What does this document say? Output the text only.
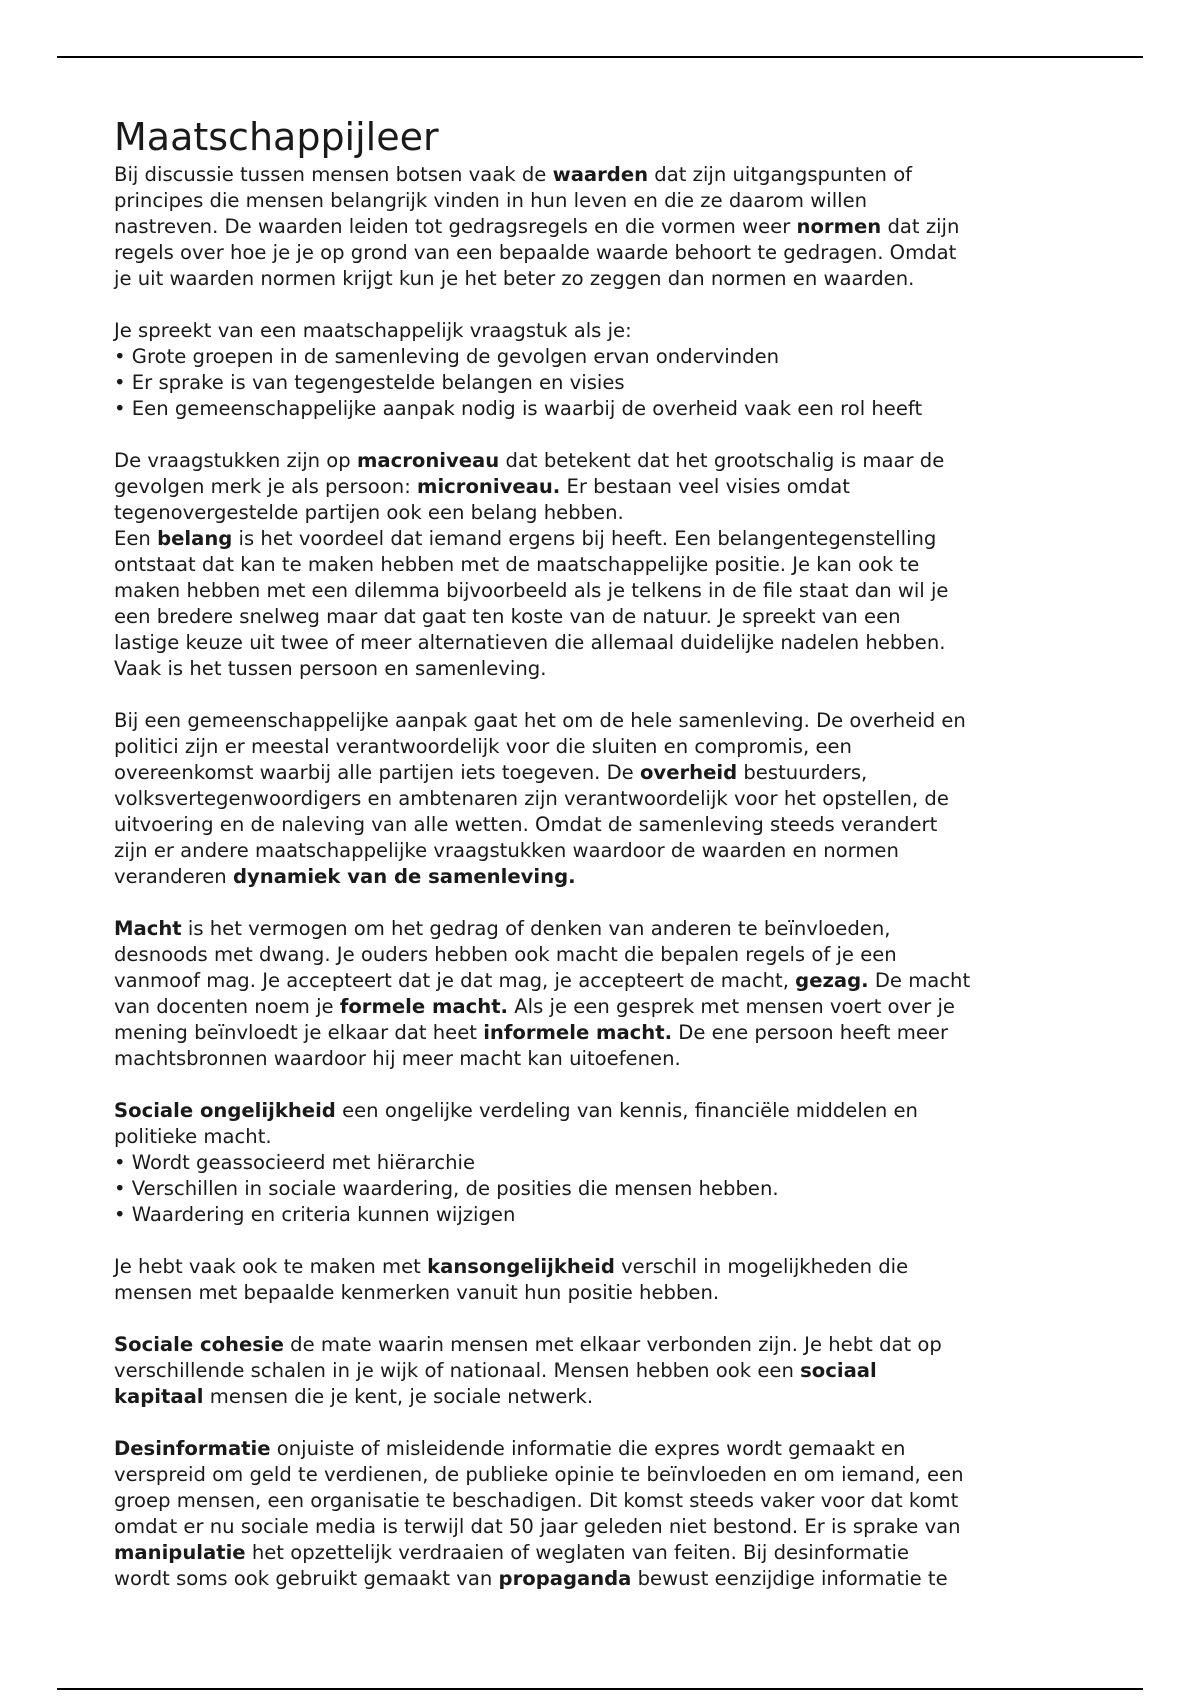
Maatschappijleer
Bij discussie tussen mensen botsen vaak de waarden dat zijn uitgangspunten of
principes die mensen belangrijk vinden in hun leven en die ze daarom willen
nastreven. De waarden leiden tot gedragsregels en die vormen weer normen dat zijn
regels over hoe je je op grond van een bepaalde waarde behoort te gedragen. Omdat
je uit waarden normen krijgt kun je het beter zo zeggen dan normen en waarden.
Je spreekt van een maatschappelijk vraagstuk als je:
• Grote groepen in de samenleving de gevolgen ervan ondervinden
• Er sprake is van tegengestelde belangen en visies
• Een gemeenschappelijke aanpak nodig is waarbij de overheid vaak een rol heeft
De vraagstukken zijn op macroniveau dat betekent dat het grootschalig is maar de
gevolgen merk je als persoon: microniveau. Er bestaan veel visies omdat
tegenovergestelde partijen ook een belang hebben.
Een belang is het voordeel dat iemand ergens bij heeft. Een belangentegenstelling
ontstaat dat kan te maken hebben met de maatschappelijke positie. Je kan ook te
maken hebben met een dilemma bijvoorbeeld als je telkens in de file staat dan wil je
een bredere snelweg maar dat gaat ten koste van de natuur. Je spreekt van een
lastige keuze uit twee of meer alternatieven die allemaal duidelijke nadelen hebben.
Vaak is het tussen persoon en samenleving.
Bij een gemeenschappelijke aanpak gaat het om de hele samenleving. De overheid en
politici zijn er meestal verantwoordelijk voor die sluiten en compromis, een
overeenkomst waarbij alle partijen iets toegeven. De overheid bestuurders,
volksvertegenwoordigers en ambtenaren zijn verantwoordelijk voor het opstellen, de
uitvoering en de naleving van alle wetten. Omdat de samenleving steeds verandert
zijn er andere maatschappelijke vraagstukken waardoor de waarden en normen
veranderen dynamiek van de samenleving.
Macht is het vermogen om het gedrag of denken van anderen te beïnvloeden,
desnoods met dwang. Je ouders hebben ook macht die bepalen regels of je een
vanmoof mag. Je accepteert dat je dat mag, je accepteert de macht, gezag. De macht
van docenten noem je formele macht. Als je een gesprek met mensen voert over je
mening beïnvloedt je elkaar dat heet informele macht. De ene persoon heeft meer
machtsbronnen waardoor hij meer macht kan uitoefenen.
Sociale ongelijkheid een ongelijke verdeling van kennis, financiële middelen en
politieke macht.
• Wordt geassocieerd met hiërarchie
• Verschillen in sociale waardering, de posities die mensen hebben.
• Waardering en criteria kunnen wijzigen
Je hebt vaak ook te maken met kansongelijkheid verschil in mogelijkheden die
mensen met bepaalde kenmerken vanuit hun positie hebben.
Sociale cohesie de mate waarin mensen met elkaar verbonden zijn. Je hebt dat op
verschillende schalen in je wijk of nationaal. Mensen hebben ook een sociaal
kapitaal mensen die je kent, je sociale netwerk.
Desinformatie onjuiste of misleidende informatie die expres wordt gemaakt en
verspreid om geld te verdienen, de publieke opinie te beïnvloeden en om iemand, een
groep mensen, een organisatie te beschadigen. Dit komst steeds vaker voor dat komt
omdat er nu sociale media is terwijl dat 50 jaar geleden niet bestond. Er is sprake van
manipulatie het opzettelijk verdraaien of weglaten van feiten. Bij desinformatie
wordt soms ook gebruikt gemaakt van propaganda bewust eenzijdige informatie te
